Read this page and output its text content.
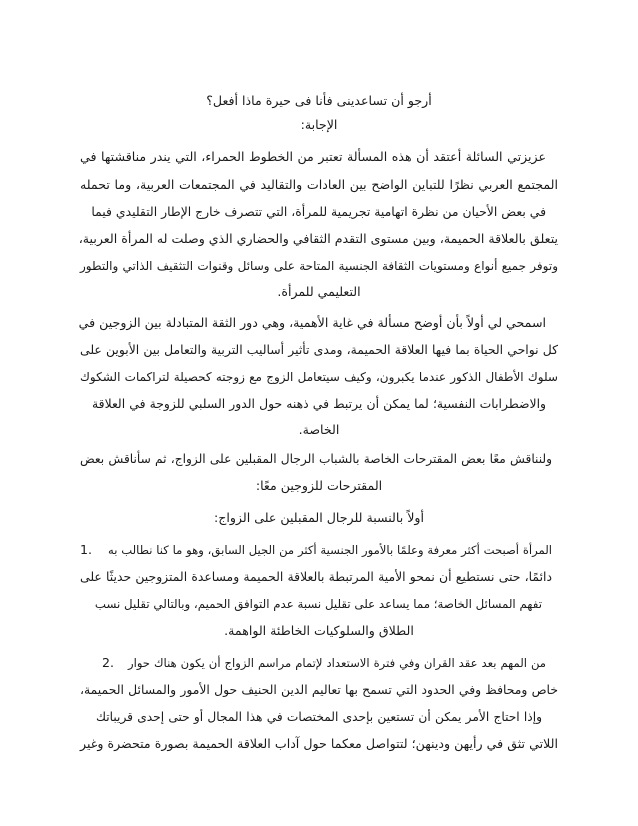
أرجو أن تساعدينى فأنا فى حيرة ماذا أفعل؟
الإجابة:
عزيزتي السائلة أعتقد أن هذه المسألة تعتبر من الخطوط الحمراء، التي يندر مناقشتها في
المجتمع العربي نظرًا للتباين الواضح بين العادات والتقاليد في المجتمعات العربية، وما تحمله
في بعض الأحيان من نظرة اتهامية تجريمية للمرأة، التي تتصرف خارج الإطار التقليدي فيما
يتعلق بالعلاقة الحميمة، وبين مستوى التقدم الثقافي والحضاري الذي وصلت له المرأة العربية،
وتوفر جميع أنواع ومستويات الثقافة الجنسية المتاحة على وسائل وقنوات التثقيف الذاتي والتطور
التعليمي للمرأة.
اسمحي لي أولاً بأن أوضح مسألة في غاية الأهمية، وهي دور الثقة المتبادلة بين الزوجين في
كل نواحي الحياة بما فيها العلاقة الحميمة، ومدى تأثير أساليب التربية والتعامل بين الأبوين على
سلوك الأطفال الذكور عندما يكبرون، وكيف سيتعامل الزوج مع زوجته كحصيلة لتراكمات الشكوك
والاضطرابات النفسية؛ لما يمكن أن يرتبط في ذهنه حول الدور السلبي للزوجة في العلاقة
الخاصة.
ولنناقش معًا بعض المقترحات الخاصة بالشباب الرجال المقبلين على الزواج، ثم سأناقش بعض
المقترحات للزوجين معًا:
أولاً بالنسبة للرجال المقبلين على الزواج:
1.	المرأة أصبحت أكثر معرفة وعلمًا بالأمور الجنسية أكثر من الجيل السابق، وهو ما كنا نطالب به
دائمًا، حتى نستطيع أن نمحو الأمية المرتبطة بالعلاقة الحميمة ومساعدة المتزوجين حديثًا على
تفهم المسائل الخاصة؛ مما يساعد على تقليل نسبة عدم التوافق الحميم، وبالتالي تقليل نسب
الطلاق والسلوكيات الخاطئة الواهمة.
2.	من المهم بعد عقد القران وفي فترة الاستعداد لإتمام مراسم الزواج أن يكون هناك حوار
خاص ومحافظ وفي الحدود التي تسمح بها تعاليم الدين الحنيف حول الأمور والمسائل الحميمة،
وإذا احتاج الأمر يمكن أن تستعين بإحدى المختصات في هذا المجال أو حتى إحدى قريباتك
اللاتي تثق في رأيهن ودينهن؛ لتتواصل معكما حول آداب العلاقة الحميمة بصورة متحضرة وغير
